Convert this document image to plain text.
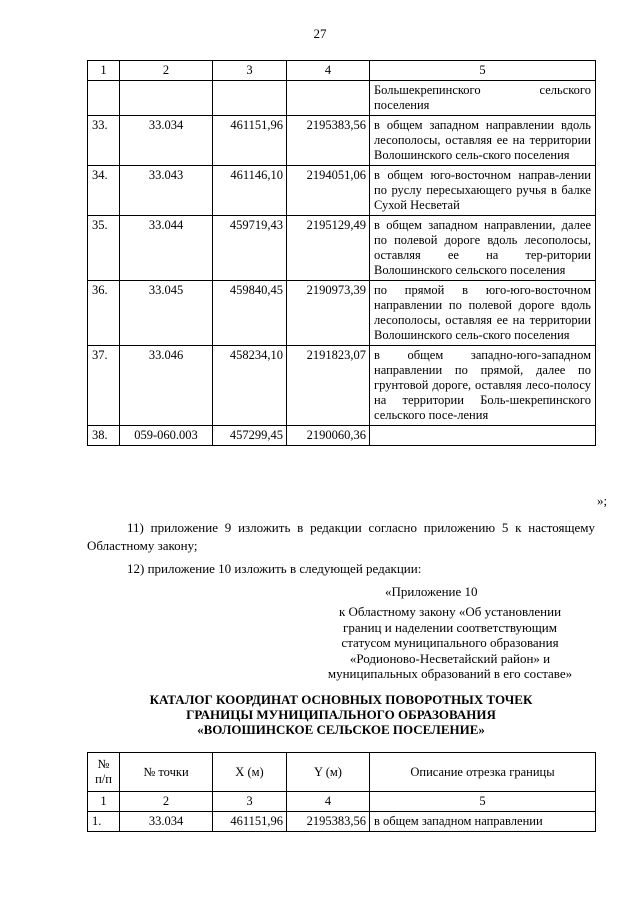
27
1	2	3	4	5
				Большекрепинского сельского поселения
33.	33.034	461151,96	2195383,56	в общем западном направлении вдоль лесополосы, оставляя ее на территории Волошинского сель-ского поселения
34.	33.043	461146,10	2194051,06	в общем юго-восточном направ-лении по руслу пересыхающего ручья в балке Сухой Несветай
35.	33.044	459719,43	2195129,49	в общем западном направлении, далее по полевой дороге вдоль лесополосы, оставляя ее на тер-ритории Волошинского сельского поселения
36.	33.045	459840,45	2190973,39	по прямой в юго-юго-восточном направлении по полевой дороге вдоль лесополосы, оставляя ее на территории Волошинского сель-ского поселения
37.	33.046	458234,10	2191823,07	в общем западно-юго-западном направлении по прямой, далее по грунтовой дороге, оставляя лесо-полосу на территории Боль-шекрепинского сельского посе-ления
38.	059-060.003	457299,45	2190060,36	
»;

11) приложение 9 изложить в редакции согласно приложению 5 к настоящему Областному закону;

12) приложение 10 изложить в следующей редакции:

«Приложение 10
к Областному закону «Об установлении
границ и наделении соответствующим
статусом муниципального образования
«Родионово-Несветайский район» и
муниципальных образований в его составе»
КАТАЛОГ КООРДИНАТ ОСНОВНЫХ ПОВОРОТНЫХ ТОЧЕК
ГРАНИЦЫ МУНИЦИПАЛЬНОГО ОБРАЗОВАНИЯ
«ВОЛОШИНСКОЕ СЕЛЬСКОЕ ПОСЕЛЕНИЕ»
№
п/п	№ точки	X (м)	Y (м)	Описание отрезка границы
1	2	3	4	5
1.	33.034	461151,96	2195383,56	в общем западном направлении
